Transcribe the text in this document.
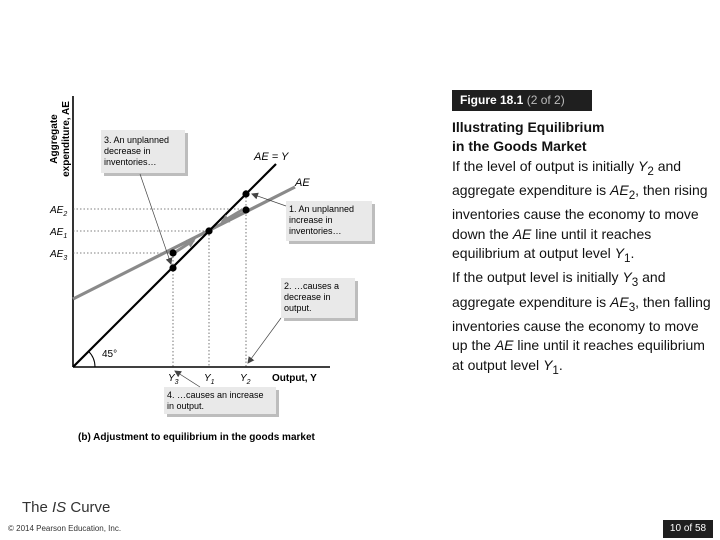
Aggregate expenditure, AE
45°
AE = Y
AE
$AE_2$
$AE_1$
$AE_3$
$Y_3$	$Y_1$	$Y_2$ Output, Y
3. An unplanned decrease in inventories…
1. An unplanned increase in inventories…
2. …causes a decrease in output.
4. …causes an increase in output.
(b) Adjustment to equilibrium in the goods market
Figure 18.1 (2 of 2)
Illustrating Equilibrium
in the Goods Market

If the level of output is initially $Y_2$ and aggregate expenditure is $AE_2$, then rising inventories cause the economy to move down the AE line until it reaches equilibrium at output level $Y_1$.

If the output level is initially $Y_3$ and aggregate expenditure is $AE_3$, then falling inventories cause the economy to move up the AE line until it reaches equilibrium at output level $Y_1$.

The IS Curve
© 2014 Pearson Education, Inc.	10 of 58
